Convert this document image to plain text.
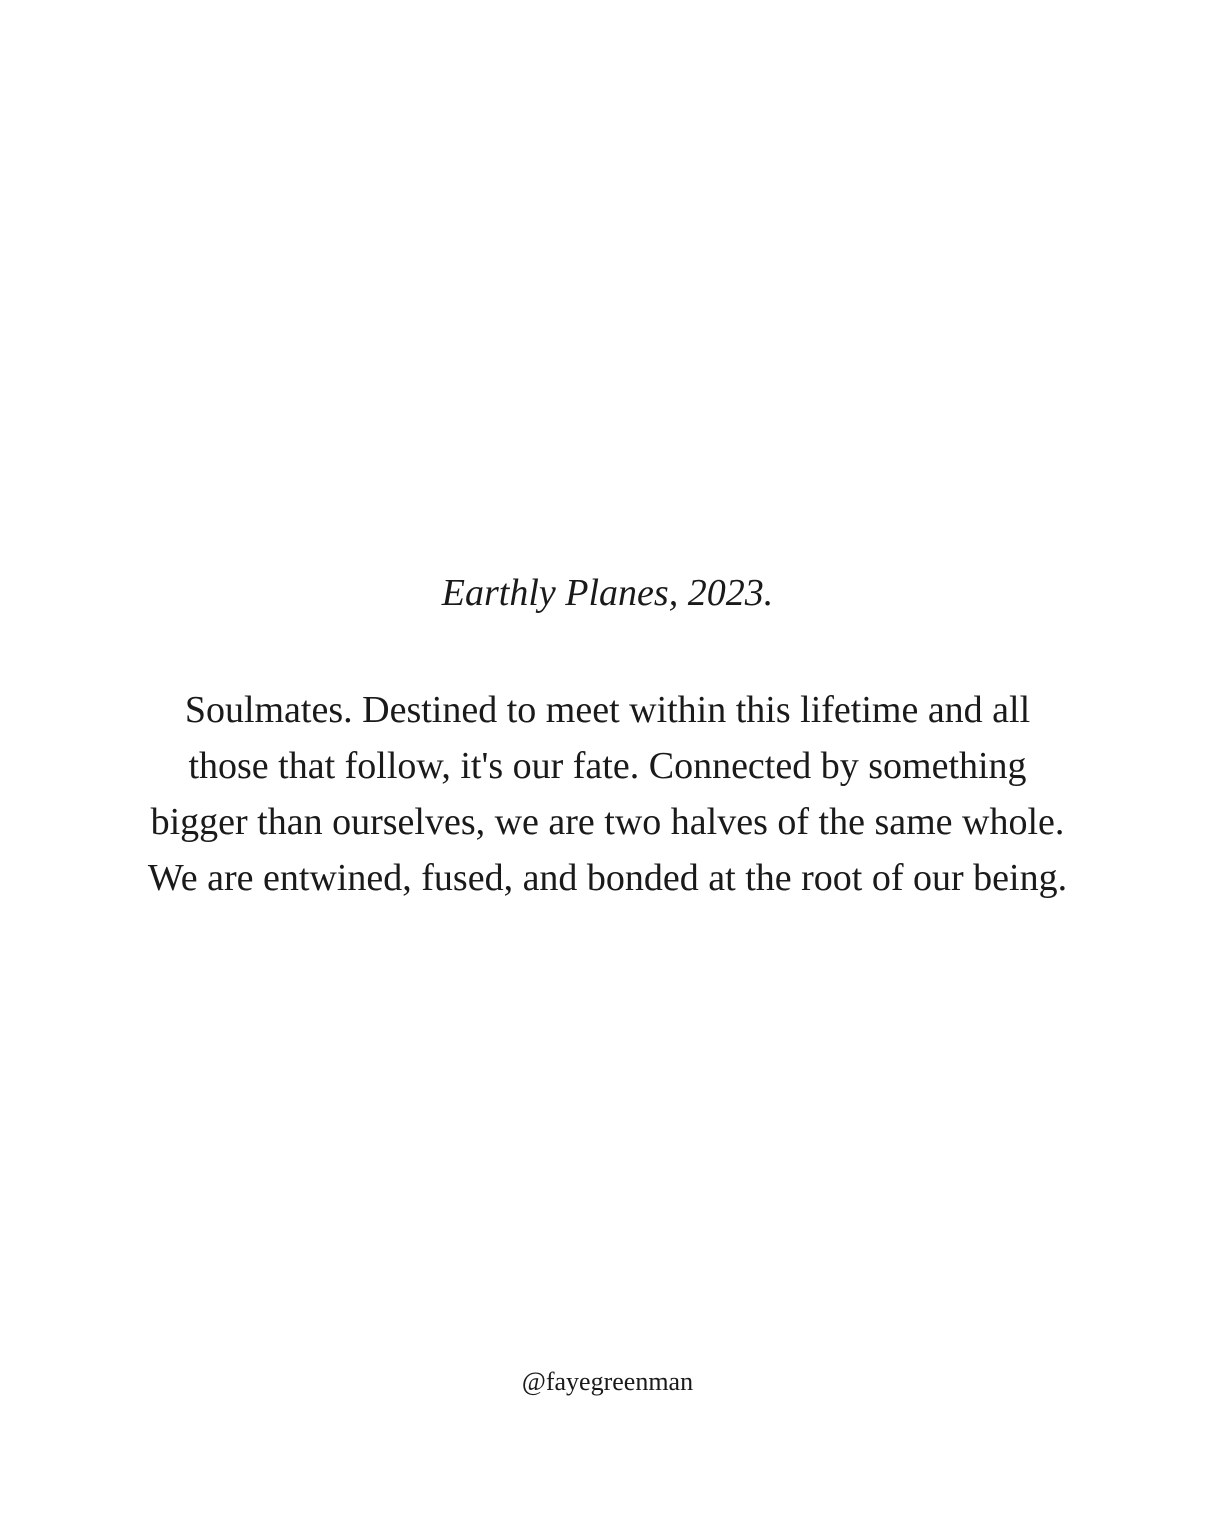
Earthly Planes, 2023.

Soulmates. Destined to meet within this lifetime and all those that follow, it's our fate. Connected by something bigger than ourselves, we are two halves of the same whole. We are entwined, fused, and bonded at the root of our being.

@fayegreenman
